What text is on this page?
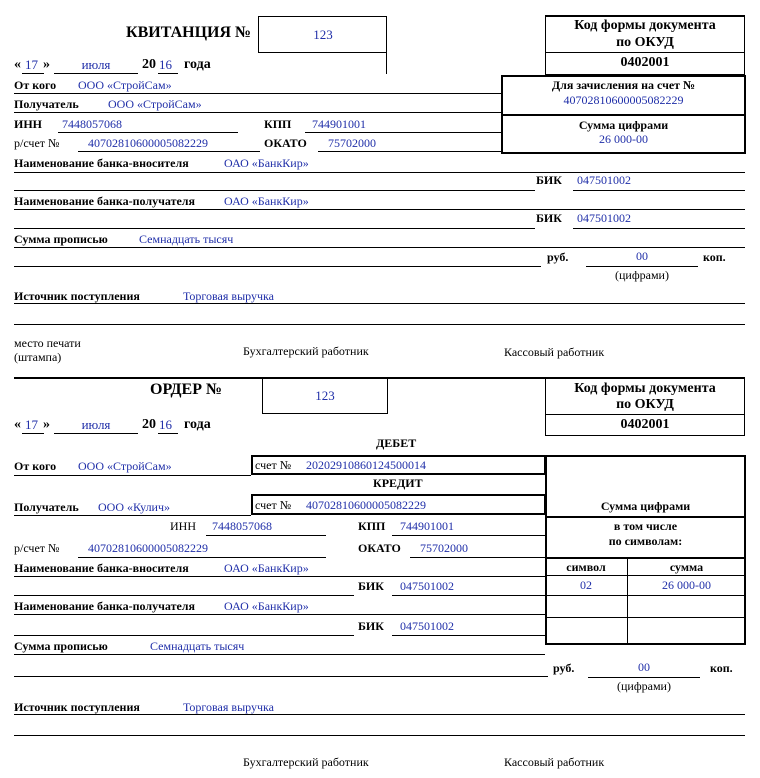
КВИТАНЦИЯ №	123
Код формы документа
по ОКУД
0402001
« 17 »	июля	20 16 года
Для зачисления на счет №
40702810600005082229
Сумма цифрами
26 000-00
От кого ООО «СтройСам»
Получатель ООО «СтройСам»
ИНН 7448057068	КПП 744901001
р/счет № 40702810600005082229	ОКАТО 75702000
Наименование банка-вносителя	ОАО «БанкКир»
БИК 047501002
Наименование банка-получателя ОАО «БанкКир»
БИК 047501002
Сумма прописью	Семнадцать тысяч
руб.	00	коп.
(цифрами)
Источник поступления	Торговая выручка
место печати
(штампа)	Бухгалтерский работник	Кассовый работник
ОРДЕР №	123	Код формы документа
по ОКУД
0402001
« 17 »	июля	20 16 года
ДЕБЕТ
счет № 20202910860124500014
КРЕДИТ
счет № 40702810600005082229	Сумма цифрами
в том числе
по символам:
символ	сумма
02	26 000-00
От кого ООО «СтройСам»
Получатель ООО «Кулич»
ИНН 7448057068	КПП 744901001
р/счет № 40702810600005082229	ОКАТО 75702000
Наименование банка-вносителя	ОАО «БанкКир»
БИК 047501002
Наименование банка-получателя ОАО «БанкКир»
БИК 047501002
Сумма прописью	Семнадцать тысяч
руб.	00	коп.
(цифрами)
Источник поступления	Торговая выручка
Бухгалтерский работник	Кассовый работник
